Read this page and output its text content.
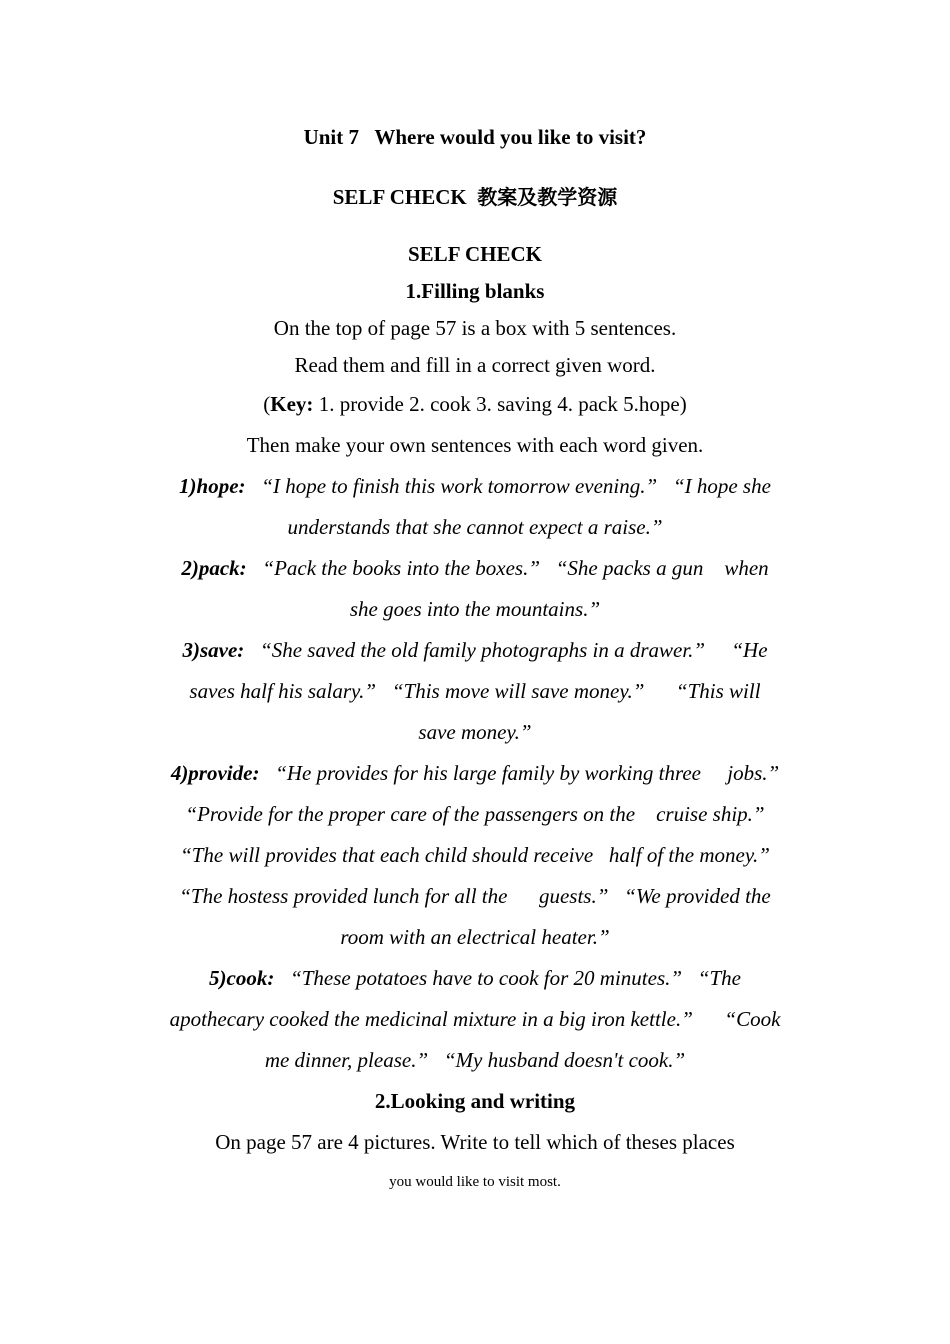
Unit 7   Where would you like to visit?
SELF CHECK 教案及教学资源
SELF CHECK
1.Filling blanks
On the top of page 57 is a box with 5 sentences.
Read them and fill in a correct given word.
(Key: 1. provide 2. cook 3. saving 4. pack 5.hope)
Then make your own sentences with each word given.
1)hope:   “I hope to finish this work tomorrow evening.”   “I hope she
understands that she cannot expect a raise.”
2)pack:   “Pack the books into the boxes.”   “She packs a gun    when
she goes into the mountains.”
3)save:   “She saved the old family photographs in a drawer.”     “He
saves half his salary.”   “This move will save money.”      “This will
save money.”
4)provide:   “He provides for his large family by working three     jobs.”
“Provide for the proper care of the passengers on the    cruise ship.”
“The will provides that each child should receive   half of the money.”
“The hostess provided lunch for all the      guests.”   “We provided the
room with an electrical heater.”
5)cook:   “These potatoes have to cook for 20 minutes.”   “The
apothecary cooked the medicinal mixture in a big iron kettle.”      “Cook
me dinner, please.”   “My husband doesn't cook.”
2.Looking and writing
On page 57 are 4 pictures. Write to tell which of theses places
you would like to visit most.
